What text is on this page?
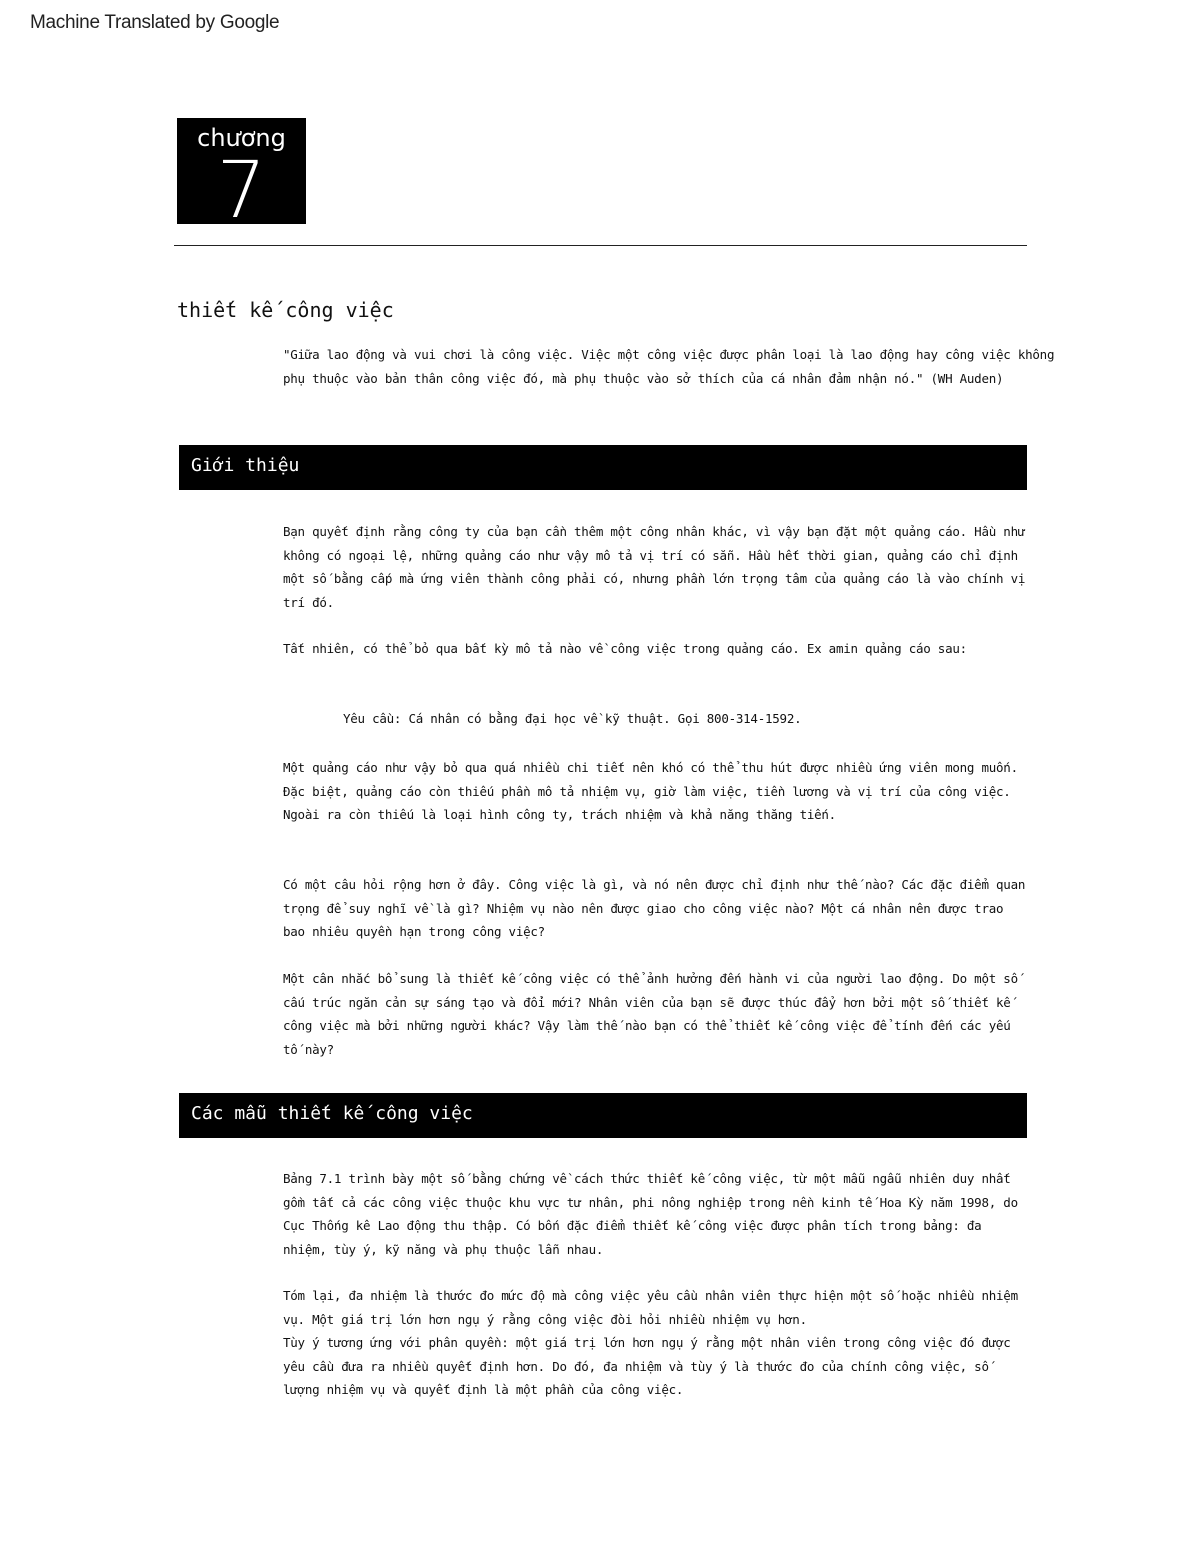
Machine Translated by Google
chương
7
thiết kế công việc
"Giữa lao động và vui chơi là công việc. Việc một công việc được phân loại là lao động hay công việc không phụ thuộc vào bản thân công việc đó, mà phụ thuộc vào sở thích của cá nhân đảm nhận nó." (WH Auden)
Giới thiệu

Bạn quyết định rằng công ty của bạn cần thêm một công nhân khác, vì vậy bạn đặt một quảng cáo. Hầu như không có ngoại lệ, những quảng cáo như vậy mô tả vị trí có sẵn. Hầu hết thời gian, quảng cáo chỉ định một số bằng cấp mà ứng viên thành công phải có, nhưng phần lớn trọng tâm của quảng cáo là vào chính vị trí đó.

Tất nhiên, có thể bỏ qua bất kỳ mô tả nào về công việc trong quảng cáo. Ex amin quảng cáo sau:

Yêu cầu: Cá nhân có bằng đại học về kỹ thuật. Gọi 800-314-1592.

Một quảng cáo như vậy bỏ qua quá nhiều chi tiết nên khó có thể thu hút được nhiều ứng viên mong muốn. Đặc biệt, quảng cáo còn thiếu phần mô tả nhiệm vụ, giờ làm việc, tiền lương và vị trí của công việc. Ngoài ra còn thiếu là loại hình công ty, trách nhiệm và khả năng thăng tiến.

Có một câu hỏi rộng hơn ở đây. Công việc là gì, và nó nên được chỉ định như thế nào? Các đặc điểm quan trọng để suy nghĩ về là gì? Nhiệm vụ nào nên được giao cho công việc nào? Một cá nhân nên được trao bao nhiêu quyền hạn trong công việc?

Một cân nhắc bổ sung là thiết kế công việc có thể ảnh hưởng đến hành vi của người lao động. Do một số cấu trúc ngăn cản sự sáng tạo và đổi mới? Nhân viên của bạn sẽ được thúc đẩy hơn bởi một số thiết kế công việc mà bởi những người khác? Vậy làm thế nào bạn có thể thiết kế công việc để tính đến các yếu tố này?

Các mẫu thiết kế công việc

Bảng 7.1 trình bày một số bằng chứng về cách thức thiết kế công việc, từ một mẫu ngẫu nhiên duy nhất gồm tất cả các công việc thuộc khu vực tư nhân, phi nông nghiệp trong nền kinh tế Hoa Kỳ năm 1998, do Cục Thống kê Lao động thu thập. Có bốn đặc điểm thiết kế công việc được phân tích trong bảng: đa nhiệm, tùy ý, kỹ năng và phụ thuộc lẫn nhau.

Tóm lại, đa nhiệm là thước đo mức độ mà công việc yêu cầu nhân viên thực hiện một số hoặc nhiều nhiệm vụ. Một giá trị lớn hơn ngụ ý rằng công việc đòi hỏi nhiều nhiệm vụ hơn.

Tùy ý tương ứng với phân quyền: một giá trị lớn hơn ngụ ý rằng một nhân viên trong công việc đó được yêu cầu đưa ra nhiều quyết định hơn. Do đó, đa nhiệm và tùy ý là thước đo của chính công việc, số lượng nhiệm vụ và quyết định là một phần của công việc.
